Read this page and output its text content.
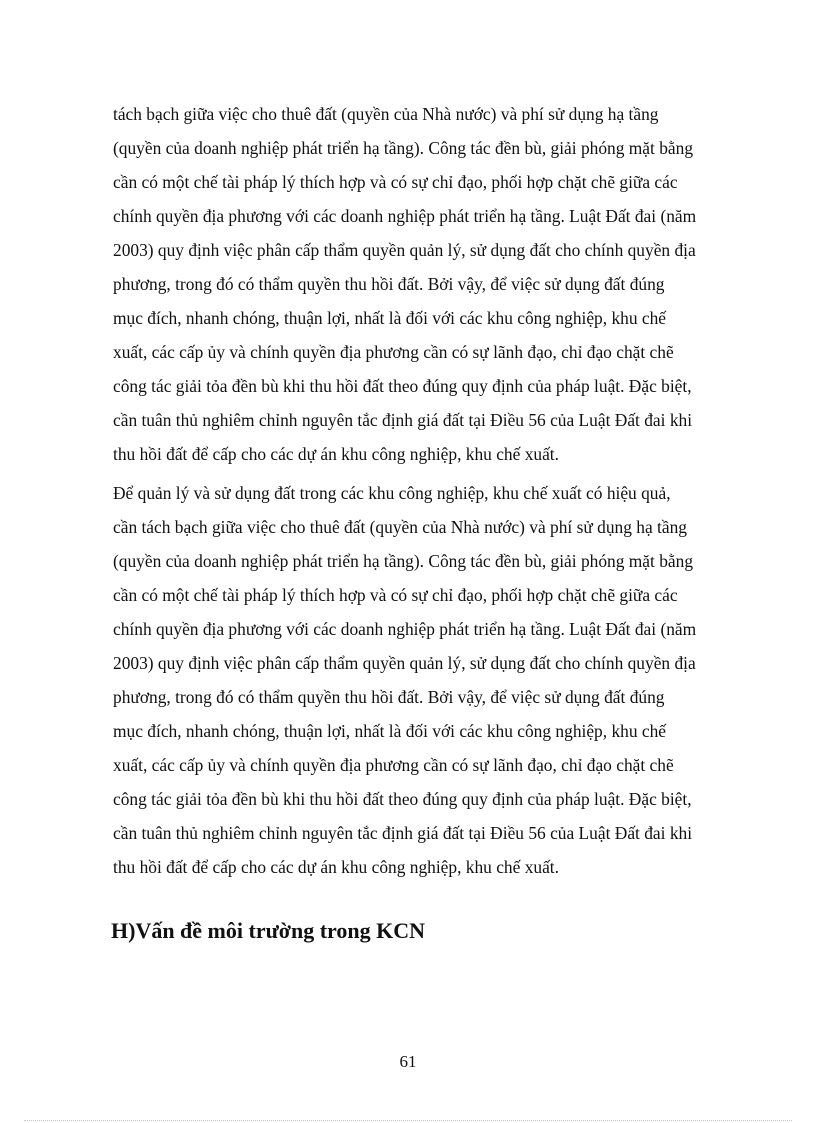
tách bạch giữa việc cho thuê đất (quyền của Nhà nước) và phí sử dụng hạ tầng
(quyền của doanh nghiệp phát triển hạ tầng). Công tác đền bù, giải phóng mặt bằng
cần có một chế tài pháp lý thích hợp và có sự chỉ đạo, phối hợp chặt chẽ giữa các
chính quyền địa phương với các doanh nghiệp phát triển hạ tầng. Luật Đất đai (năm
2003) quy định việc phân cấp thẩm quyền quản lý, sử dụng đất cho chính quyền địa
phương, trong đó có thẩm quyền thu hồi đất. Bởi vậy, để việc sử dụng đất đúng
mục đích, nhanh chóng, thuận lợi, nhất là đối với các khu công nghiệp, khu chế
xuất, các cấp ủy và chính quyền địa phương cần có sự lãnh đạo, chỉ đạo chặt chẽ
công tác giải tỏa đền bù khi thu hồi đất theo đúng quy định của pháp luật. Đặc biệt,
cần tuân thủ nghiêm chỉnh nguyên tắc định giá đất tại Điều 56 của Luật Đất đai khi
thu hồi đất để cấp cho các dự án khu công nghiệp, khu chế xuất.
Để quản lý và sử dụng đất trong các khu công nghiệp, khu chế xuất có hiệu quả,
cần tách bạch giữa việc cho thuê đất (quyền của Nhà nước) và phí sử dụng hạ tầng
(quyền của doanh nghiệp phát triển hạ tầng). Công tác đền bù, giải phóng mặt bằng
cần có một chế tài pháp lý thích hợp và có sự chỉ đạo, phối hợp chặt chẽ giữa các
chính quyền địa phương với các doanh nghiệp phát triển hạ tầng. Luật Đất đai (năm
2003) quy định việc phân cấp thẩm quyền quản lý, sử dụng đất cho chính quyền địa
phương, trong đó có thẩm quyền thu hồi đất. Bởi vậy, để việc sử dụng đất đúng
mục đích, nhanh chóng, thuận lợi, nhất là đối với các khu công nghiệp, khu chế
xuất, các cấp ủy và chính quyền địa phương cần có sự lãnh đạo, chỉ đạo chặt chẽ
công tác giải tỏa đền bù khi thu hồi đất theo đúng quy định của pháp luật. Đặc biệt,
cần tuân thủ nghiêm chỉnh nguyên tắc định giá đất tại Điều 56 của Luật Đất đai khi
thu hồi đất để cấp cho các dự án khu công nghiệp, khu chế xuất.
H)Vấn đề môi trường trong KCN
61
